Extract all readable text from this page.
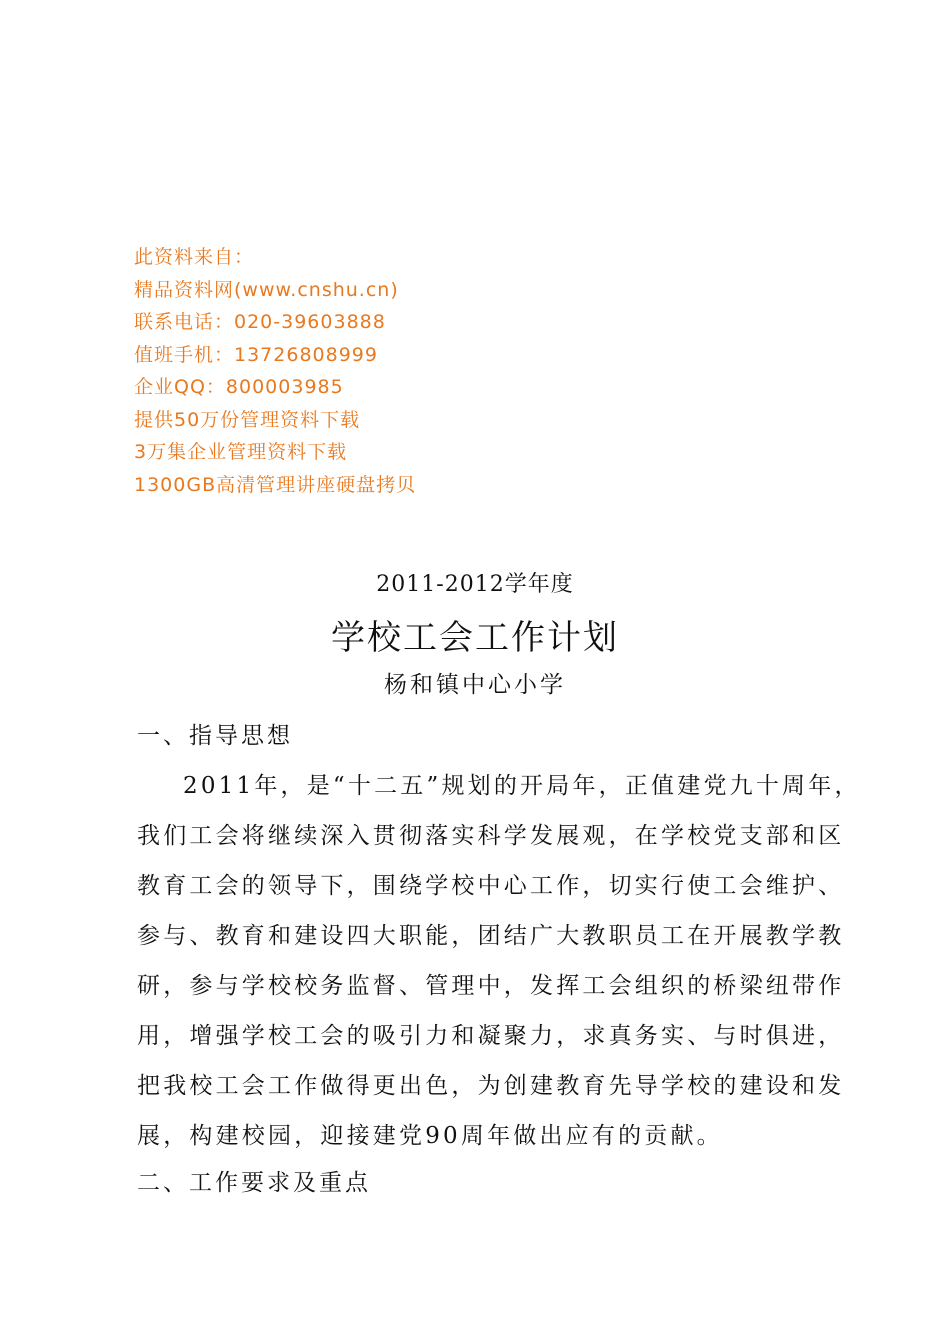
此资料来自：
精品资料网(www.cnshu.cn)
联系电话：020-39603888
值班手机：13726808999
企业QQ：800003985
提供50万份管理资料下载
3万集企业管理资料下载
1300GB高清管理讲座硬盘拷贝
2011-2012学年度
学校工会工作计划
杨和镇中心小学
一、指导思想
2011年，是“十二五”规划的开局年，正值建党九十周年，
我们工会将继续深入贯彻落实科学发展观，在学校党支部和区
教育工会的领导下，围绕学校中心工作，切实行使工会维护、
参与、教育和建设四大职能，团结广大教职员工在开展教学教
研，参与学校校务监督、管理中，发挥工会组织的桥梁纽带作
用，增强学校工会的吸引力和凝聚力，求真务实、与时俱进，
把我校工会工作做得更出色，为创建教育先导学校的建设和发
展，构建校园，迎接建党90周年做出应有的贡献。
二、工作要求及重点
